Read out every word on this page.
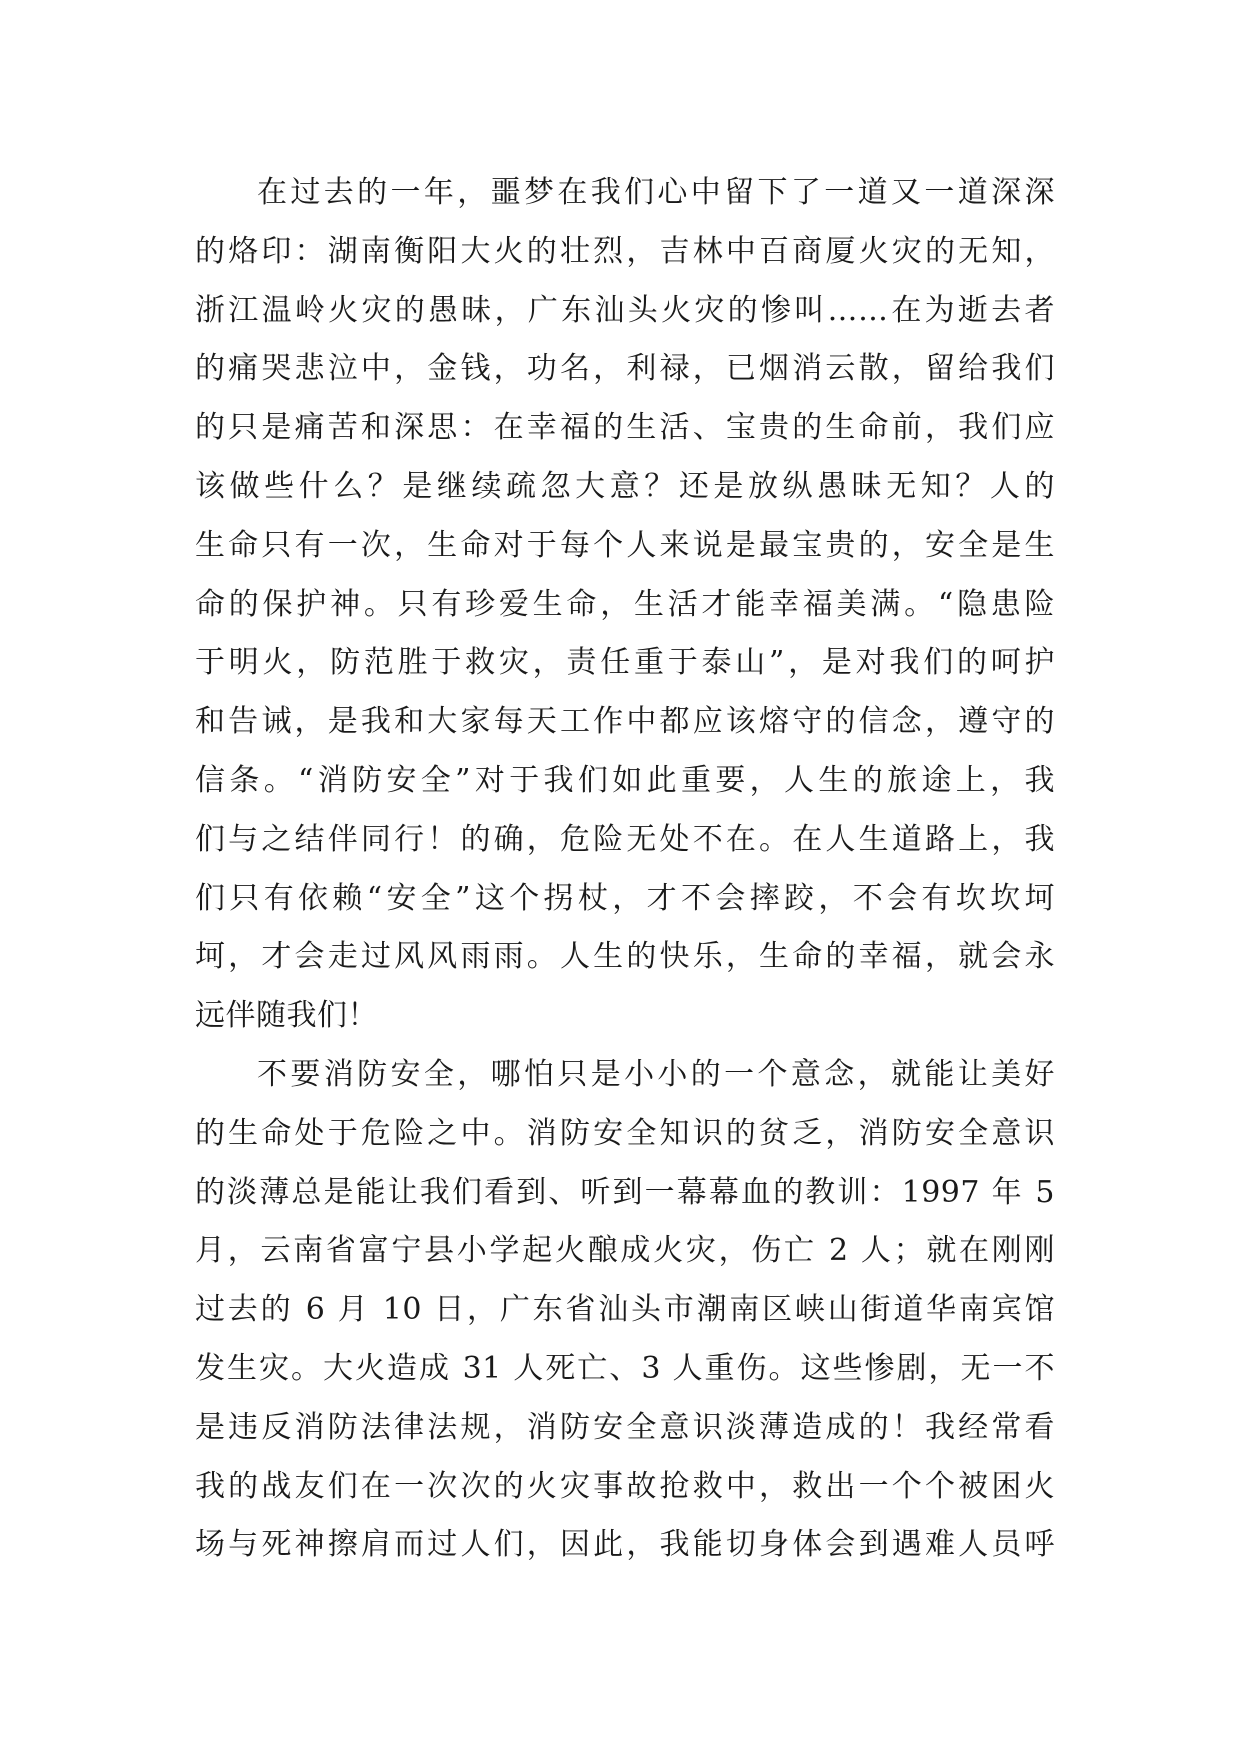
在过去的一年，噩梦在我们心中留下了一道又一道深深
的烙印：湖南衡阳大火的壮烈，吉林中百商厦火灾的无知，
浙江温岭火灾的愚昧，广东汕头火灾的惨叫……在为逝去者
的痛哭悲泣中，金钱，功名，利禄，已烟消云散，留给我们
的只是痛苦和深思：在幸福的生活、宝贵的生命前，我们应
该做些什么？是继续疏忽大意？还是放纵愚昧无知？人的
生命只有一次，生命对于每个人来说是最宝贵的，安全是生
命的保护神。只有珍爱生命，生活才能幸福美满。“隐患险
于明火，防范胜于救灾，责任重于泰山”，是对我们的呵护
和告诫，是我和大家每天工作中都应该熔守的信念，遵守的
信条。“消防安全”对于我们如此重要，人生的旅途上，我
们与之结伴同行！的确，危险无处不在。在人生道路上，我
们只有依赖“安全”这个拐杖，才不会摔跤，不会有坎坎坷
坷，才会走过风风雨雨。人生的快乐，生命的幸福，就会永
远伴随我们！
不要消防安全，哪怕只是小小的一个意念，就能让美好
的生命处于危险之中。消防安全知识的贫乏，消防安全意识
的淡薄总是能让我们看到、听到一幕幕血的教训：1997 年 5
月，云南省富宁县小学起火酿成火灾，伤亡 2 人；就在刚刚
过去的 6 月 10 日，广东省汕头市潮南区峡山街道华南宾馆
发生灾。大火造成 31 人死亡、3 人重伤。这些惨剧，无一不
是违反消防法律法规，消防安全意识淡薄造成的！我经常看
我的战友们在一次次的火灾事故抢救中，救出一个个被困火
场与死神擦肩而过人们，因此，我能切身体会到遇难人员呼
